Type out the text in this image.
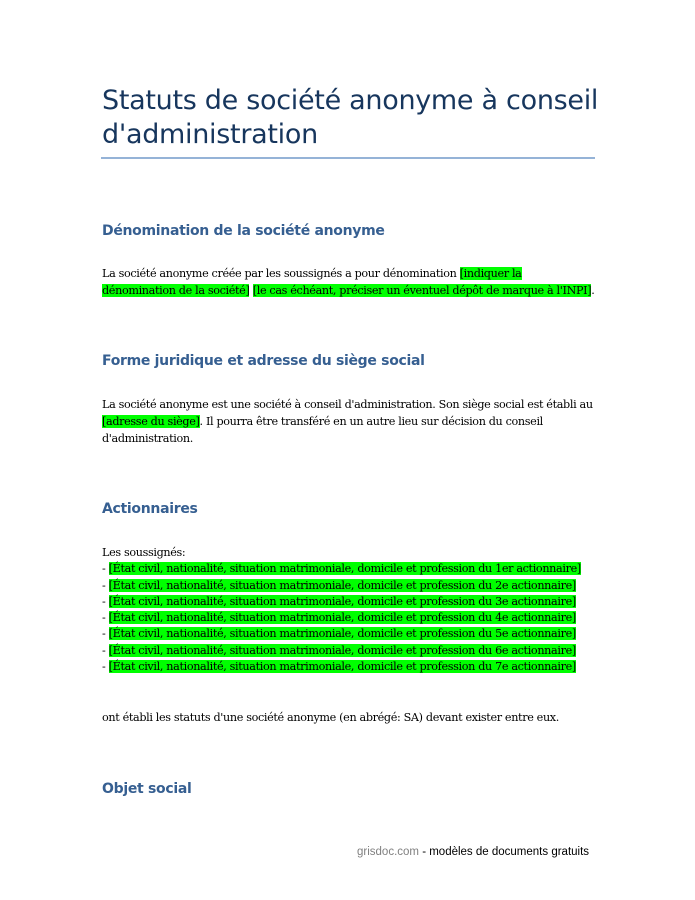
Statuts de société anonyme à conseil d'administration
Dénomination de la société anonyme
La société anonyme créée par les soussignés a pour dénomination [indiquer la dénomination de la société] [le cas échéant, préciser un éventuel dépôt de marque à l'INPI].
Forme juridique et adresse du siège social
La société anonyme est une société à conseil d'administration. Son siège social est établi au [adresse du siège]. Il pourra être transféré en un autre lieu sur décision du conseil d'administration.
Actionnaires
Les soussignés:
- [État civil, nationalité, situation matrimoniale, domicile et profession du 1er actionnaire]
- [État civil, nationalité, situation matrimoniale, domicile et profession du 2e actionnaire]
- [État civil, nationalité, situation matrimoniale, domicile et profession du 3e actionnaire]
- [État civil, nationalité, situation matrimoniale, domicile et profession du 4e actionnaire]
- [État civil, nationalité, situation matrimoniale, domicile et profession du 5e actionnaire]
- [État civil, nationalité, situation matrimoniale, domicile et profession du 6e actionnaire]
- [État civil, nationalité, situation matrimoniale, domicile et profession du 7e actionnaire]
ont établi les statuts d'une société anonyme (en abrégé: SA) devant exister entre eux.
Objet social
grisdoc.com - modèles de documents gratuits
